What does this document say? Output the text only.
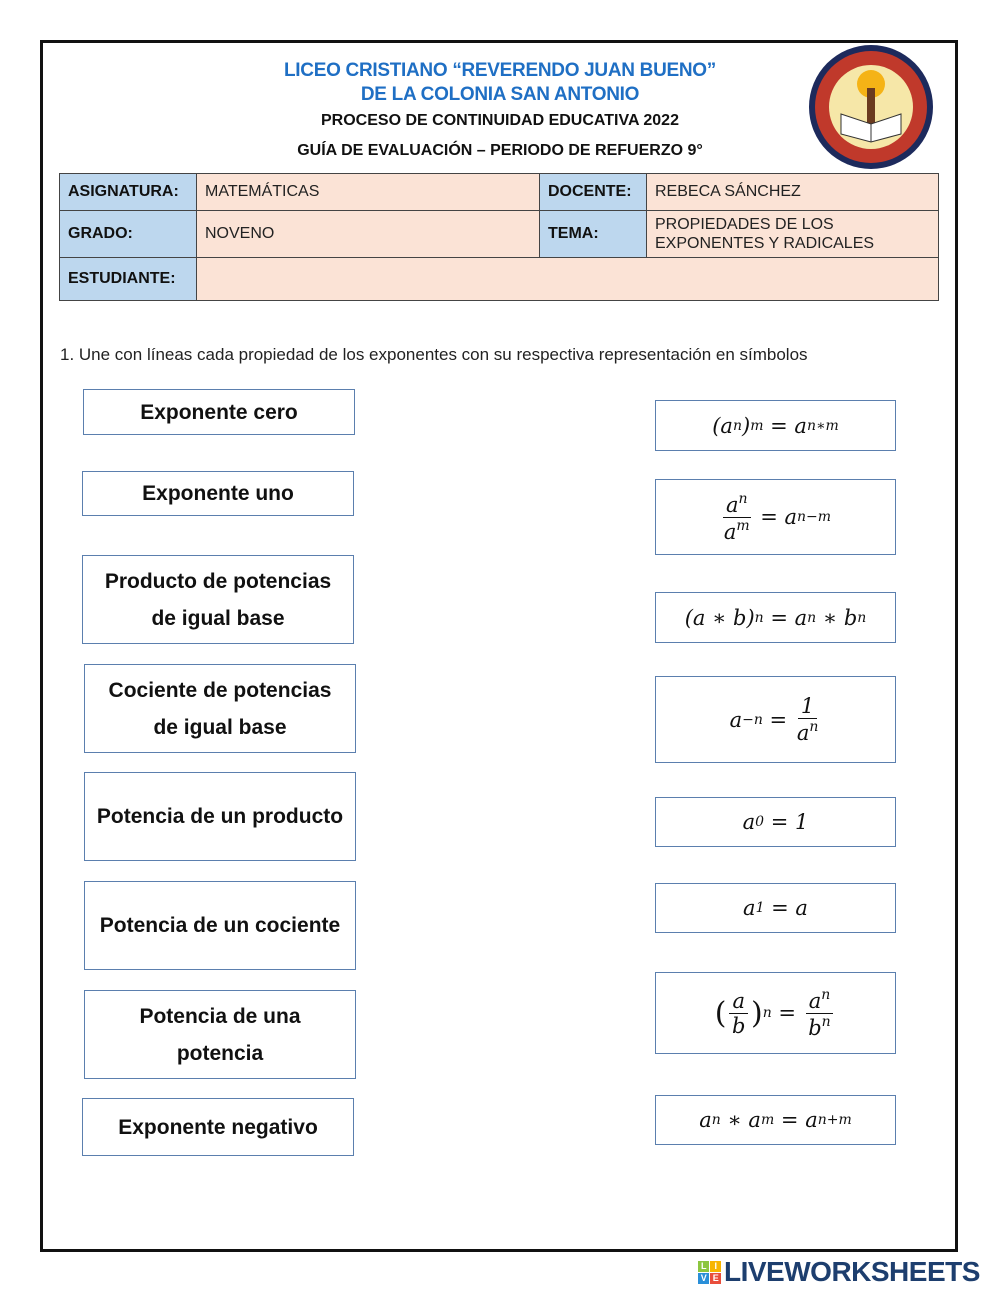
LICEO CRISTIANO “REVERENDO JUAN BUENO”
DE LA COLONIA SAN ANTONIO
PROCESO DE CONTINUIDAD EDUCATIVA 2022
GUÍA DE EVALUACIÓN – PERIODO DE REFUERZO 9°
ASIGNATURA:	MATEMÁTICAS	DOCENTE:	REBECA SÁNCHEZ
GRADO:	NOVENO	TEMA:	PROPIEDADES DE LOS EXPONENTES Y RADICALES
ESTUDIANTE:			
1. Une con líneas cada propiedad de los exponentes con su respectiva representación en símbolos
Exponente cero
Exponente uno
Producto de potencias de igual base
Cociente de potencias de igual base
Potencia de un producto
Potencia de un cociente
Potencia de una potencia
Exponente negativo
(a n ) m = a n∗m
$\frac{a^n}{a^m} = a$ n−m
(a ∗ b) n = a n ∗ b n
$a -n = \frac{1}{a^n}$
a 0 = 1
a 1 = a
( $\frac{a}{b}$ ) $n = \frac{a^n}{b^n}$
a n ∗ a m = a n+m
L I
V E LIVEWORKSHEETS
